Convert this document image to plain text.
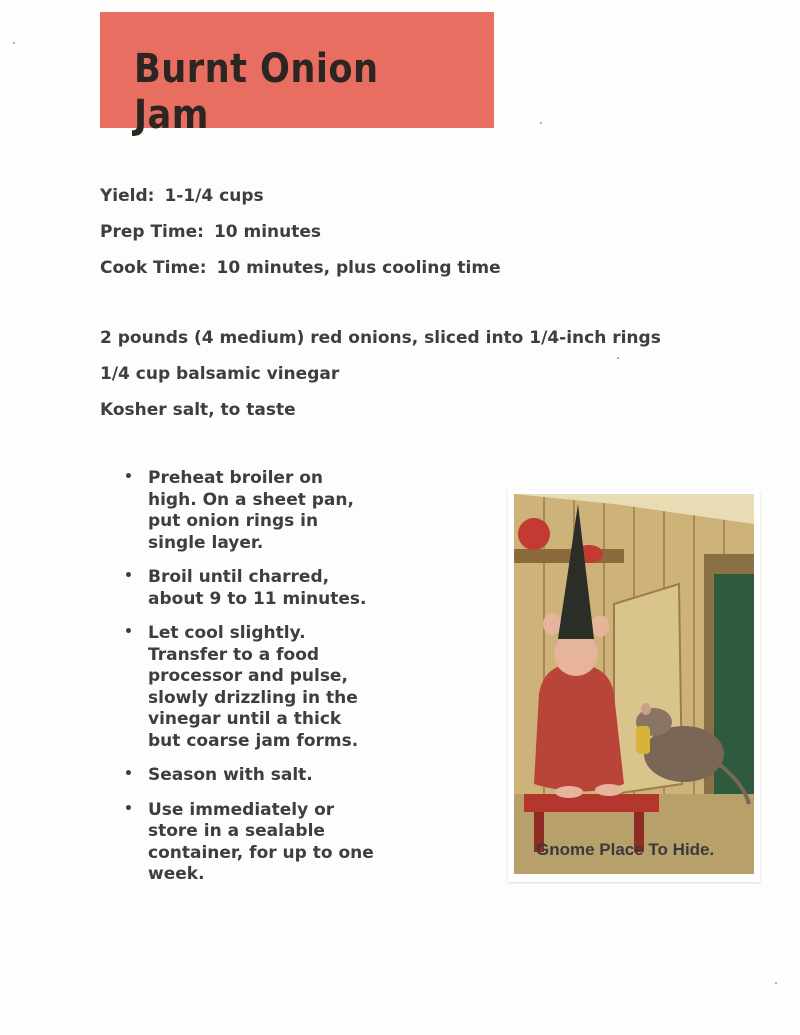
Burnt Onion Jam
Yield: 1-1/4 cups
Prep Time: 10 minutes
Cook Time: 10 minutes, plus cooling time
2 pounds (4 medium) red onions, sliced into 1/4-inch rings
1/4 cup balsamic vinegar
Kosher salt, to taste
• Preheat broiler on high. On a sheet pan, put onion rings in single layer.
• Broil until charred, about 9 to 11 minutes.
• Let cool slightly. Transfer to a food processor and pulse, slowly drizzling in the vinegar until a thick but coarse jam forms.
• Season with salt.
• Use immediately or store in a sealable container, for up to one week.
Gnome Place To Hide.
